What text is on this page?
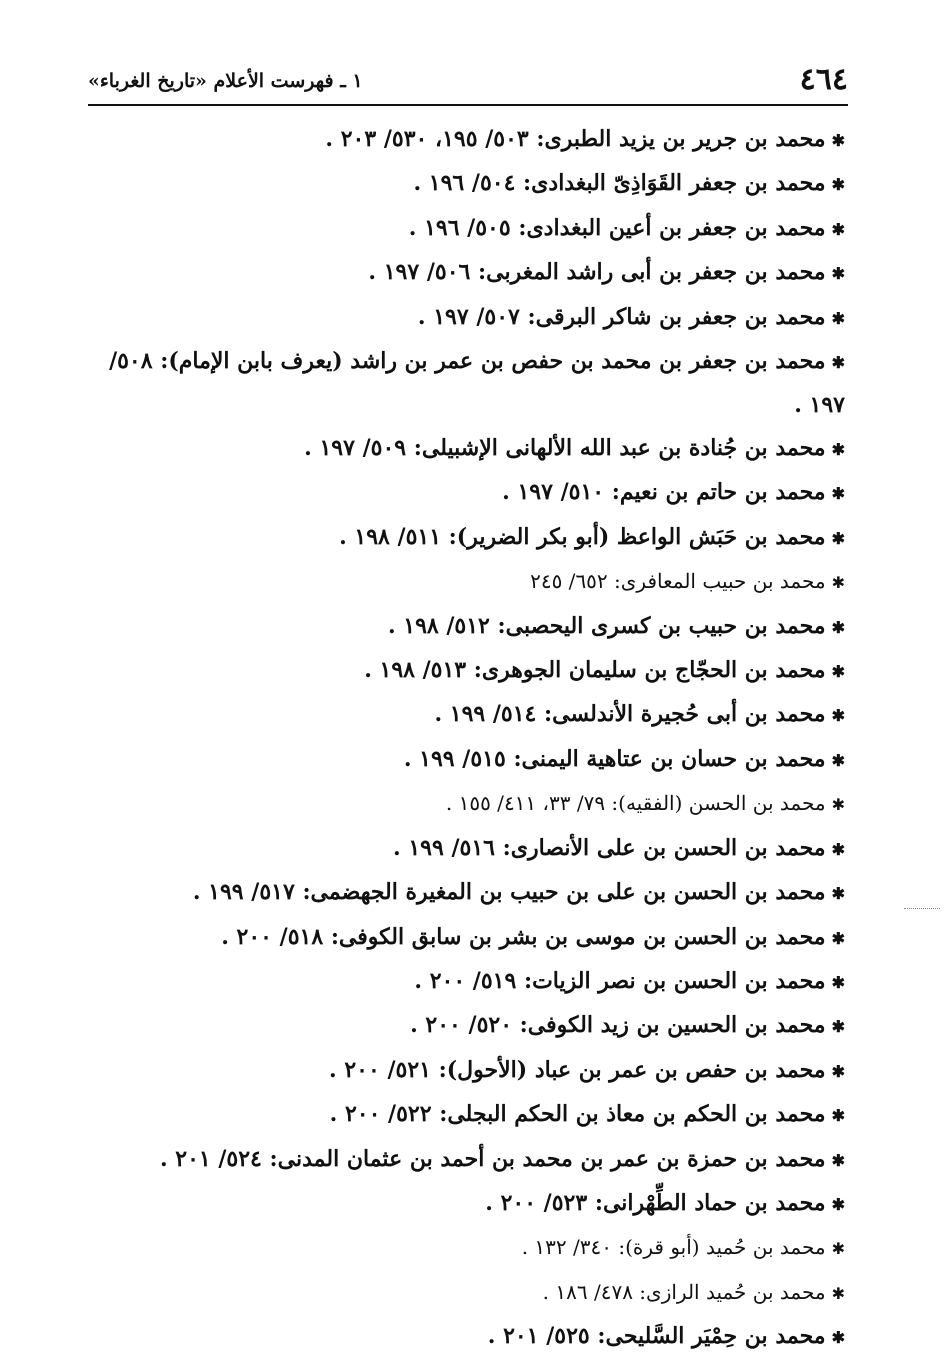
٤٦٤
١ ـ فهرست الأعلام «تاريخ الغرباء»
✱محمد بن جرير بن يزيد الطبرى: ٥٠٣/ ١٩٥، ٥٣٠/ ٢٠٣ .
✱محمد بن جعفر القَوَاذِىّ البغدادى: ٥٠٤/ ١٩٦ .
✱محمد بن جعفر بن أعين البغدادى: ٥٠٥/ ١٩٦ .
✱محمد بن جعفر بن أبى راشد المغربى: ٥٠٦/ ١٩٧ .
✱محمد بن جعفر بن شاكر البرقى: ٥٠٧/ ١٩٧ .
✱محمد بن جعفر بن محمد بن حفص بن عمر بن راشد (يعرف بابن الإمام): ٥٠٨/ ١٩٧ .
✱محمد بن جُنادة بن عبد الله الألهانى الإشبيلى: ٥٠٩/ ١٩٧ .
✱محمد بن حاتم بن نعيم: ٥١٠/ ١٩٧ .
✱محمد بن حَبَش الواعظ (أبو بكر الضرير): ٥١١/ ١٩٨ .
✱محمد بن حبيب المعافرى: ٦٥٢/ ٢٤٥
✱محمد بن حبيب بن كسرى اليحصبى: ٥١٢/ ١٩٨ .
✱محمد بن الحجّاج بن سليمان الجوهرى: ٥١٣/ ١٩٨ .
✱محمد بن أبى حُجيرة الأندلسى: ٥١٤/ ١٩٩ .
✱محمد بن حسان بن عتاهية اليمنى: ٥١٥/ ١٩٩ .
✱محمد بن الحسن (الفقيه): ٧٩/ ٣٣، ٤١١/ ١٥٥ .
✱محمد بن الحسن بن على الأنصارى: ٥١٦/ ١٩٩ .
✱محمد بن الحسن بن على بن حبيب بن المغيرة الجهضمى: ٥١٧/ ١٩٩ .
✱محمد بن الحسن بن موسى بن بشر بن سابق الكوفى: ٥١٨/ ٢٠٠ .
✱محمد بن الحسن بن نصر الزيات: ٥١٩/ ٢٠٠ .
✱محمد بن الحسين بن زيد الكوفى: ٥٢٠/ ٢٠٠ .
✱محمد بن حفص بن عمر بن عباد (الأحول): ٥٢١/ ٢٠٠ .
✱محمد بن الحكم بن معاذ بن الحكم البجلى: ٥٢٢/ ٢٠٠ .
✱محمد بن حمزة بن عمر بن محمد بن أحمد بن عثمان المدنى: ٥٢٤/ ٢٠١ .
✱محمد بن حماد الطِّهْرانى: ٥٢٣/ ٢٠٠ .
✱محمد بن حُميد (أبو قرة): ٣٤٠/ ١٣٢ .
✱محمد بن حُميد الرازى: ٤٧٨/ ١٨٦ .
✱محمد بن حِمْيَر السَّليحى: ٥٢٥/ ٢٠١ .
